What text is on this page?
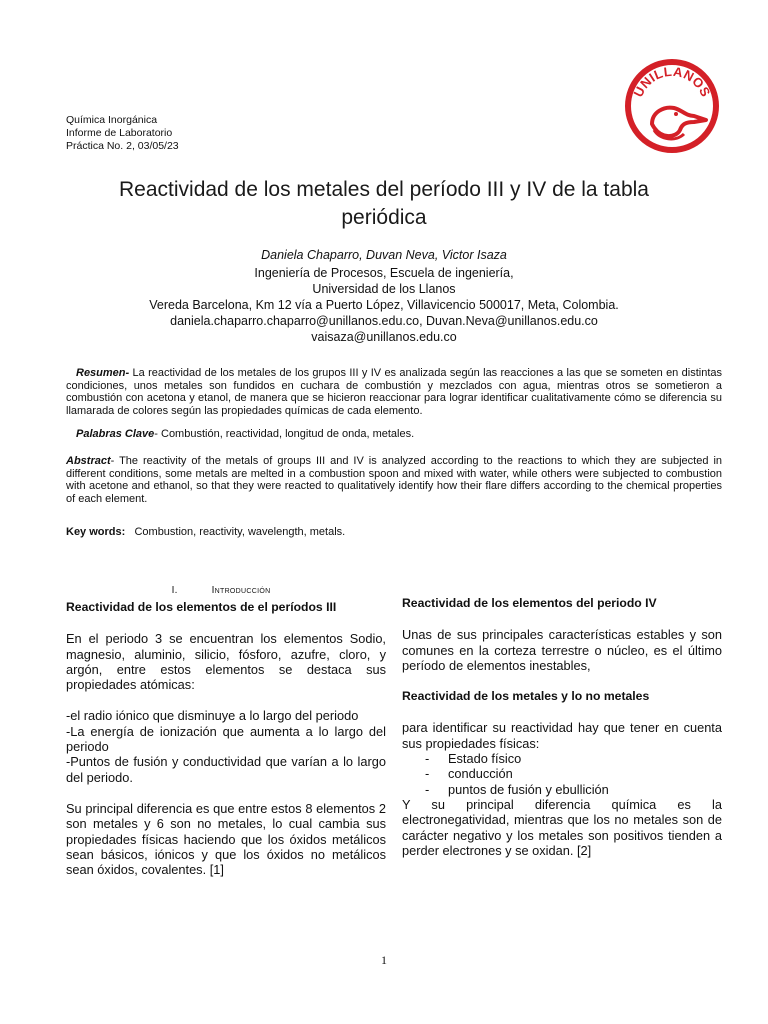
Química Inorgánica
Informe de Laboratorio
Práctica No. 2, 03/05/23
UNILLANOS
Reactividad de los metales del período III y IV de la tabla
periódica
Daniela Chaparro, Duvan Neva, Victor Isaza
Ingeniería de Procesos, Escuela de ingeniería,
Universidad de los Llanos
Vereda Barcelona, Km 12 vía a Puerto López, Villavicencio 500017, Meta, Colombia.
daniela.chaparro.chaparro@unillanos.edu.co, Duvan.Neva@unillanos.edu.co
vaisaza@unillanos.edu.co
Resumen- La reactividad de los metales de los grupos III y IV es analizada según las reacciones a las que se someten en distintas condiciones, unos metales son fundidos en cuchara de combustión y mezclados con agua, mientras otros se sometieron a combustión con acetona y etanol, de manera que se hicieron reaccionar para lograr identificar cualitativamente cómo se diferencia su llamarada de colores según las propiedades químicas de cada elemento.
Palabras Clave- Combustión, reactividad, longitud de onda, metales.
Abstract- The reactivity of the metals of groups III and IV is analyzed according to the reactions to which they are subjected in different conditions, some metals are melted in a combustion spoon and mixed with water, while others were subjected to combustion with acetone and ethanol, so that they were reacted to qualitatively identify how their flare differs according to the chemical properties of each element.
Key words: Combustion, reactivity, wavelength, metals.
I.	Introducción

Reactividad de los elementos de el períodos III

En el periodo 3 se encuentran los elementos Sodio, magnesio, aluminio, silicio, fósforo, azufre, cloro, y argón, entre estos elementos se destaca sus propiedades atómicas:

-el radio iónico que disminuye a lo largo del periodo

-La energía de ionización que aumenta a lo largo del periodo

-Puntos de fusión y conductividad que varían a lo largo del periodo.

Su principal diferencia es que entre estos 8 elementos 2 son metales y 6 son no metales, lo cual cambia sus propiedades físicas haciendo que los óxidos metálicos sean básicos, iónicos y que los óxidos no metálicos sean óxidos, covalentes. [1]

Reactividad de los elementos del periodo IV

Unas de sus principales características estables y son comunes en la corteza terrestre o núcleo, es el último período de elementos inestables,

Reactividad de los metales y lo no metales

para identificar su reactividad hay que tener en cuenta sus propiedades físicas:

- Estado físico
- conducción
- puntos de fusión y ebullición

Y su principal diferencia química es la electronegatividad, mientras que los no metales son de carácter negativo y los metales son positivos tienden a perder electrones y se oxidan. [2]

1
